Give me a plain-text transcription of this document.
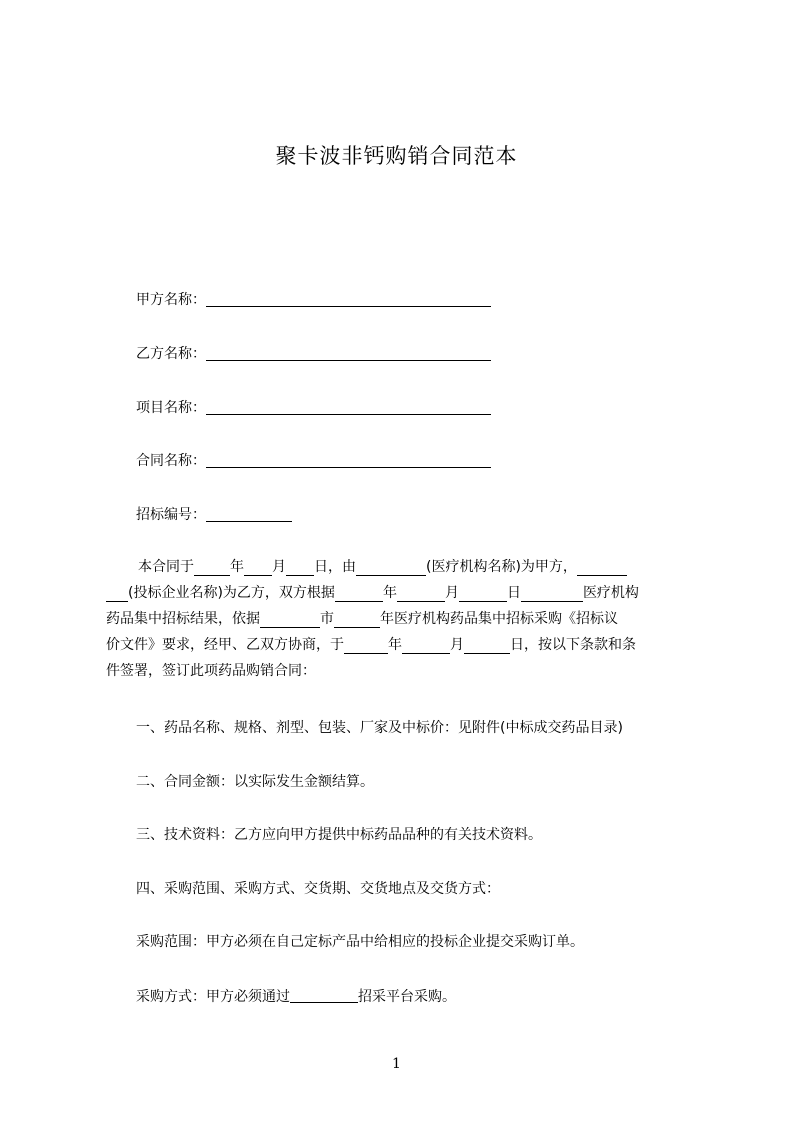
聚卡波非钙购销合同范本
甲方名称：
乙方名称：
项目名称：
合同名称：
招标编号：
本合同于	年 月 日，由	(医疗机构名称)为甲方，
(投标企业名称)为乙方，双方根据	年	月	日	医疗机构
药品集中招标结果，依据	市	年医疗机构药品集中招标采购《招标议
价文件》要求，经甲、乙双方协商，于	年	月	日，按以下条款和条
件签署，签订此项药品购销合同：
一、药品名称、规格、剂型、包装、厂家及中标价：见附件(中标成交药品目录)
二、合同金额：以实际发生金额结算。
三、技术资料：乙方应向甲方提供中标药品品种的有关技术资料。
四、采购范围、采购方式、交货期、交货地点及交货方式：
采购范围：甲方必须在自己定标产品中给相应的投标企业提交采购订单。
采购方式：甲方必须通过	招采平台采购。
1
